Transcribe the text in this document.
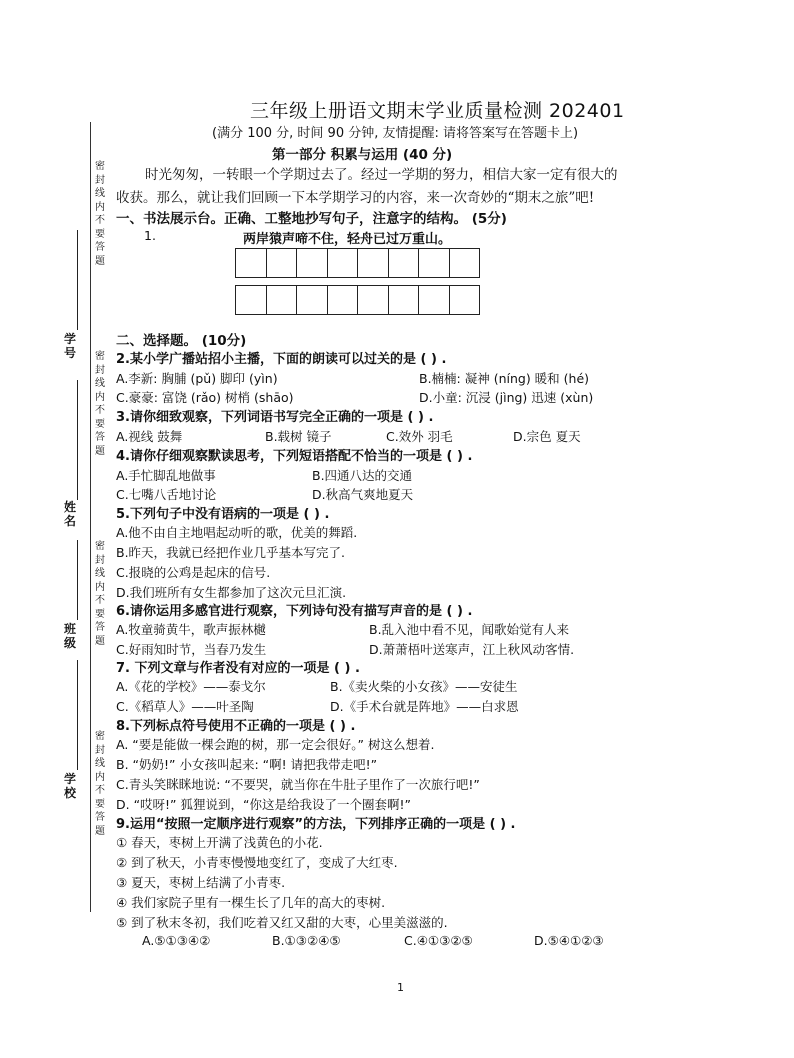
三年级上册语文期末学业质量检测 202401
(满分 100 分, 时间 90 分钟, 友情提醒: 请将答案写在答题卡上)
第一部分 积累与运用 (40 分)
时光匆匆，一转眼一个学期过去了。经过一学期的努力，相信大家一定有很大的
收获。那么，就让我们回顾一下本学期学习的内容，来一次奇妙的“期末之旅”吧!
一、书法展示台。正确、工整地抄写句子，注意字的结构。 (5分)
1.	两岸猿声啼不住，轻舟已过万重山。
二、选择题。 (10分)
2.某小学广播站招小主播，下面的朗读可以过关的是 ( ) .
A.李新: 胸脯 (pǔ) 脚印 (yìn)	B.楠楠: 凝神 (níng) 暖和 (hé)
C.豪豪: 富饶 (rǎo) 树梢 (shāo)	D.小童: 沉浸 (jìng) 迅速 (xùn)
3.请你细致观察，下列词语书写完全正确的一项是 ( ) .
A.视线 鼓舞	B.载树 镜子	C.效外 羽毛	D.宗色 夏天
4.请你仔细观察默读思考，下列短语搭配不恰当的一项是 ( ) .
A.手忙脚乱地做事	B.四通八达的交通
C.七嘴八舌地讨论	D.秋高气爽地夏天
5.下列句子中没有语病的一项是 ( ) .
A.他不由自主地唱起动听的歌，优美的舞蹈.
B.昨天，我就已经把作业几乎基本写完了.
C.报晓的公鸡是起床的信号.
D.我们班所有女生都参加了这次元旦汇演.
6.请你运用多感官进行观察，下列诗句没有描写声音的是 ( ) .
A.牧童骑黄牛，歌声振林樾	B.乱入池中看不见，闻歌始觉有人来
C.好雨知时节，当春乃发生	D.萧萧梧叶送寒声，江上秋风动客情.
7. 下列文章与作者没有对应的一项是 ( ) .
A.《花的学校》——泰戈尔	B.《卖火柴的小女孩》——安徒生
C.《稻草人》——叶圣陶	D.《手术台就是阵地》——白求恩
8.下列标点符号使用不正确的一项是 ( ) .
A. “要是能做一棵会跑的树，那一定会很好。” 树这么想着.
B. “奶奶!” 小女孩叫起来: “啊! 请把我带走吧!”
C.青头笑眯眯地说: “不要哭，就当你在牛肚子里作了一次旅行吧!”
D. “哎呀!” 狐狸说到，“你这是给我设了一个圈套啊!”
9.运用“按照一定顺序进行观察”的方法，下列排序正确的一项是 ( ) .
① 春天，枣树上开满了浅黄色的小花.
② 到了秋天，小青枣慢慢地变红了，变成了大红枣.
③ 夏天，枣树上结满了小青枣.
④ 我们家院子里有一棵生长了几年的高大的枣树.
⑤ 到了秋末冬初，我们吃着又红又甜的大枣，心里美滋滋的.
A.⑤①③④②	B.①③②④⑤	C.④①③②⑤	D.⑤④①②③
密封线内不要答题
密封线内不要答题
密封线内不要答题
密封线内不要答题
学号
姓名
班级
学校
1
